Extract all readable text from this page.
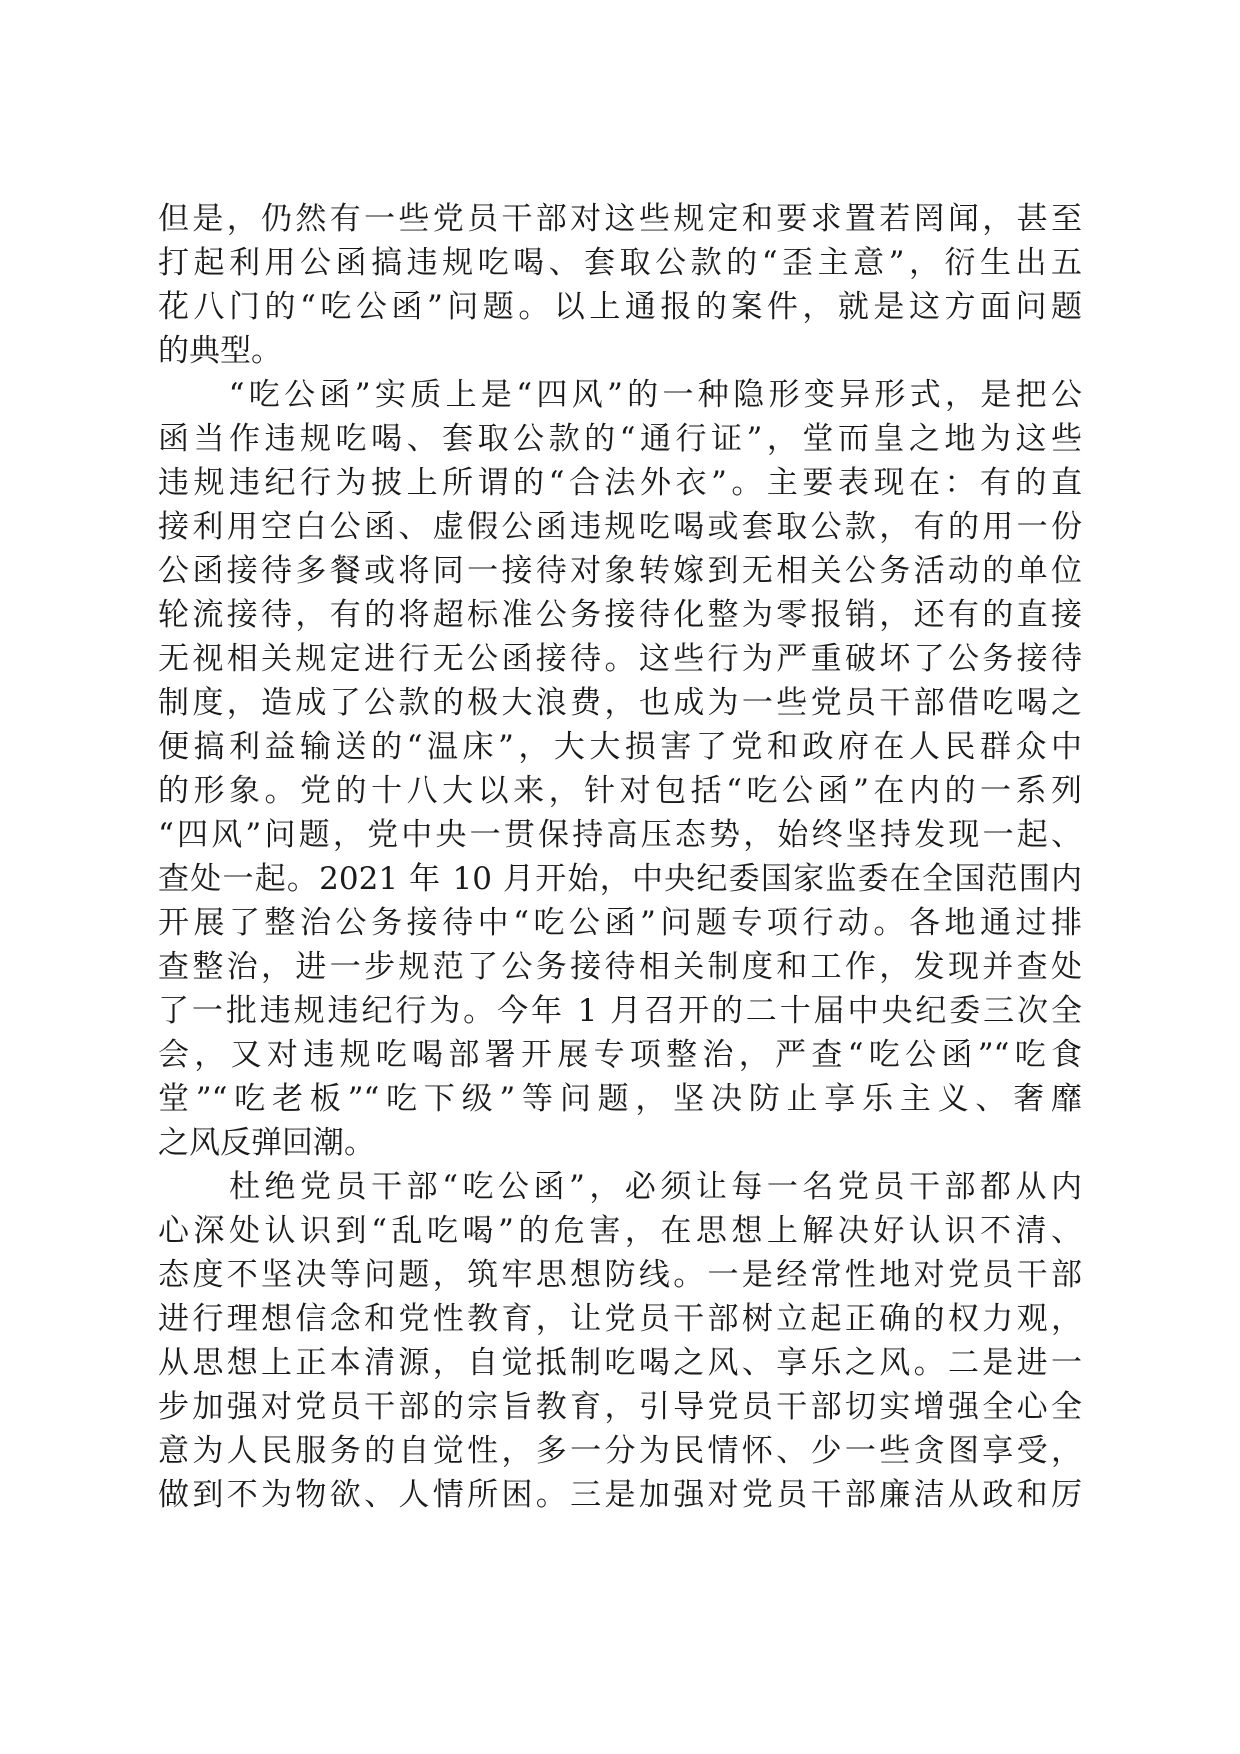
但是，仍然有一些党员干部对这些规定和要求置若罔闻，甚至
打起利用公函搞违规吃喝、套取公款的“歪主意”，衍生出五
花八门的“吃公函”问题。以上通报的案件，就是这方面问题
的典型。
　　“吃公函”实质上是“四风”的一种隐形变异形式，是把公
函当作违规吃喝、套取公款的“通行证”，堂而皇之地为这些
违规违纪行为披上所谓的“合法外衣”。主要表现在：有的直
接利用空白公函、虚假公函违规吃喝或套取公款，有的用一份
公函接待多餐或将同一接待对象转嫁到无相关公务活动的单位
轮流接待，有的将超标准公务接待化整为零报销，还有的直接
无视相关规定进行无公函接待。这些行为严重破坏了公务接待
制度，造成了公款的极大浪费，也成为一些党员干部借吃喝之
便搞利益输送的“温床”，大大损害了党和政府在人民群众中
的形象。党的十八大以来，针对包括“吃公函”在内的一系列
“四风”问题，党中央一贯保持高压态势，始终坚持发现一起、
查处一起。2021 年 10 月开始，中央纪委国家监委在全国范围内
开展了整治公务接待中“吃公函”问题专项行动。各地通过排
查整治，进一步规范了公务接待相关制度和工作，发现并查处
了一批违规违纪行为。今年 1 月召开的二十届中央纪委三次全
会，又对违规吃喝部署开展专项整治，严查“吃公函”“吃食
堂”“吃老板”“吃下级”等问题，坚决防止享乐主义、奢靡
之风反弹回潮。
　　杜绝党员干部“吃公函”，必须让每一名党员干部都从内
心深处认识到“乱吃喝”的危害，在思想上解决好认识不清、
态度不坚决等问题，筑牢思想防线。一是经常性地对党员干部
进行理想信念和党性教育，让党员干部树立起正确的权力观，
从思想上正本清源，自觉抵制吃喝之风、享乐之风。二是进一
步加强对党员干部的宗旨教育，引导党员干部切实增强全心全
意为人民服务的自觉性，多一分为民情怀、少一些贪图享受，
做到不为物欲、人情所困。三是加强对党员干部廉洁从政和厉
